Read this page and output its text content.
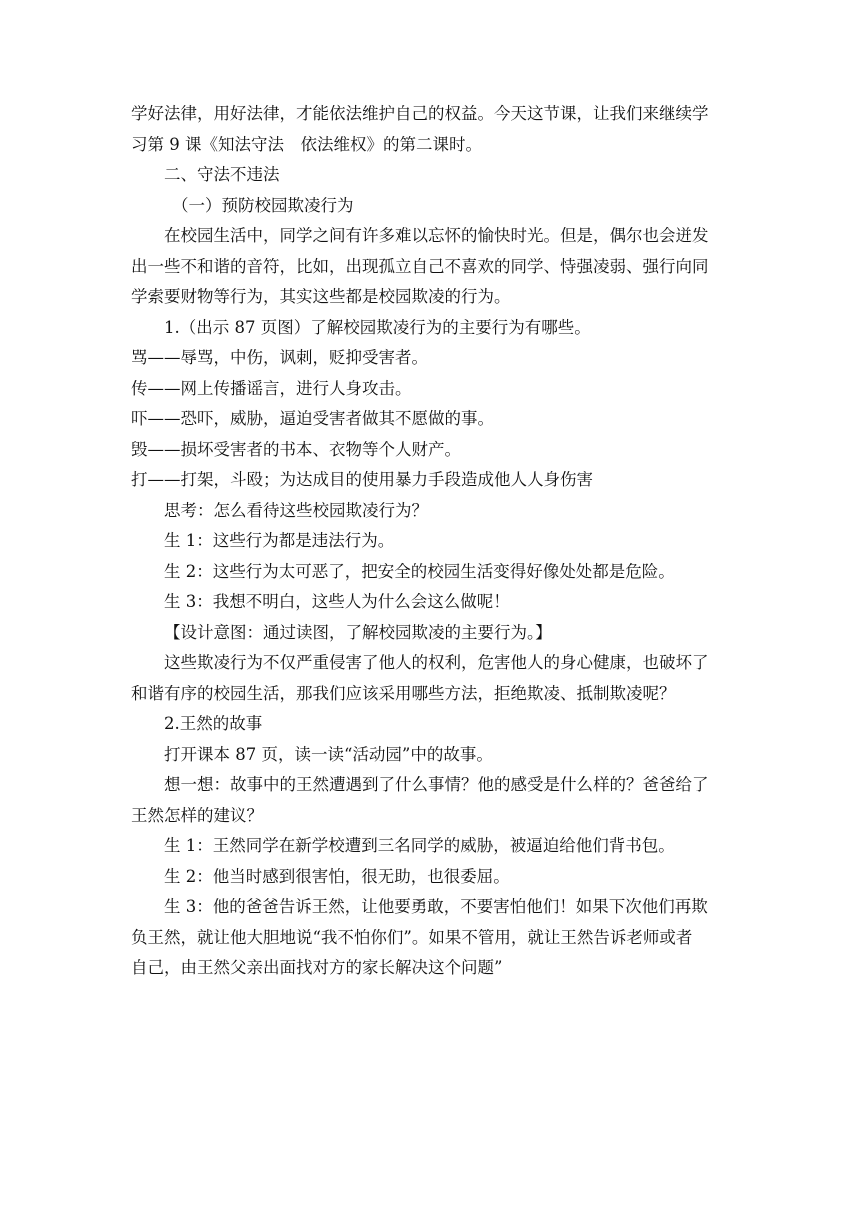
学好法律，用好法律，才能依法维护自己的权益。今天这节课，让我们来继续学
习第 9 课《知法守法　依法维权》的第二课时。
二、守法不违法
（一）预防校园欺凌行为
在校园生活中，同学之间有许多难以忘怀的愉快时光。但是，偶尔也会迸发
出一些不和谐的音符，比如，出现孤立自己不喜欢的同学、恃强凌弱、强行向同
学索要财物等行为，其实这些都是校园欺凌的行为。
1.（出示 87 页图）了解校园欺凌行为的主要行为有哪些。
骂——辱骂，中伤，讽刺，贬抑受害者。
传——网上传播谣言，进行人身攻击。
吓——恐吓，威胁，逼迫受害者做其不愿做的事。
毁——损坏受害者的书本、衣物等个人财产。
打——打架，斗殴；为达成目的使用暴力手段造成他人人身伤害
思考：怎么看待这些校园欺凌行为？
生 1：这些行为都是违法行为。
生 2：这些行为太可恶了，把安全的校园生活变得好像处处都是危险。
生 3：我想不明白，这些人为什么会这么做呢！
【设计意图：通过读图，了解校园欺凌的主要行为。】
这些欺凌行为不仅严重侵害了他人的权利，危害他人的身心健康，也破坏了
和谐有序的校园生活，那我们应该采用哪些方法，拒绝欺凌、抵制欺凌呢？
2.王然的故事
打开课本 87 页，读一读“活动园”中的故事。
想一想：故事中的王然遭遇到了什么事情？他的感受是什么样的？爸爸给了
王然怎样的建议？
生 1：王然同学在新学校遭到三名同学的威胁，被逼迫给他们背书包。
生 2：他当时感到很害怕，很无助，也很委屈。
生 3：他的爸爸告诉王然，让他要勇敢，不要害怕他们！如果下次他们再欺
负王然，就让他大胆地说“我不怕你们”。如果不管用，就让王然告诉老师或者
自己，由王然父亲出面找对方的家长解决这个问题”
